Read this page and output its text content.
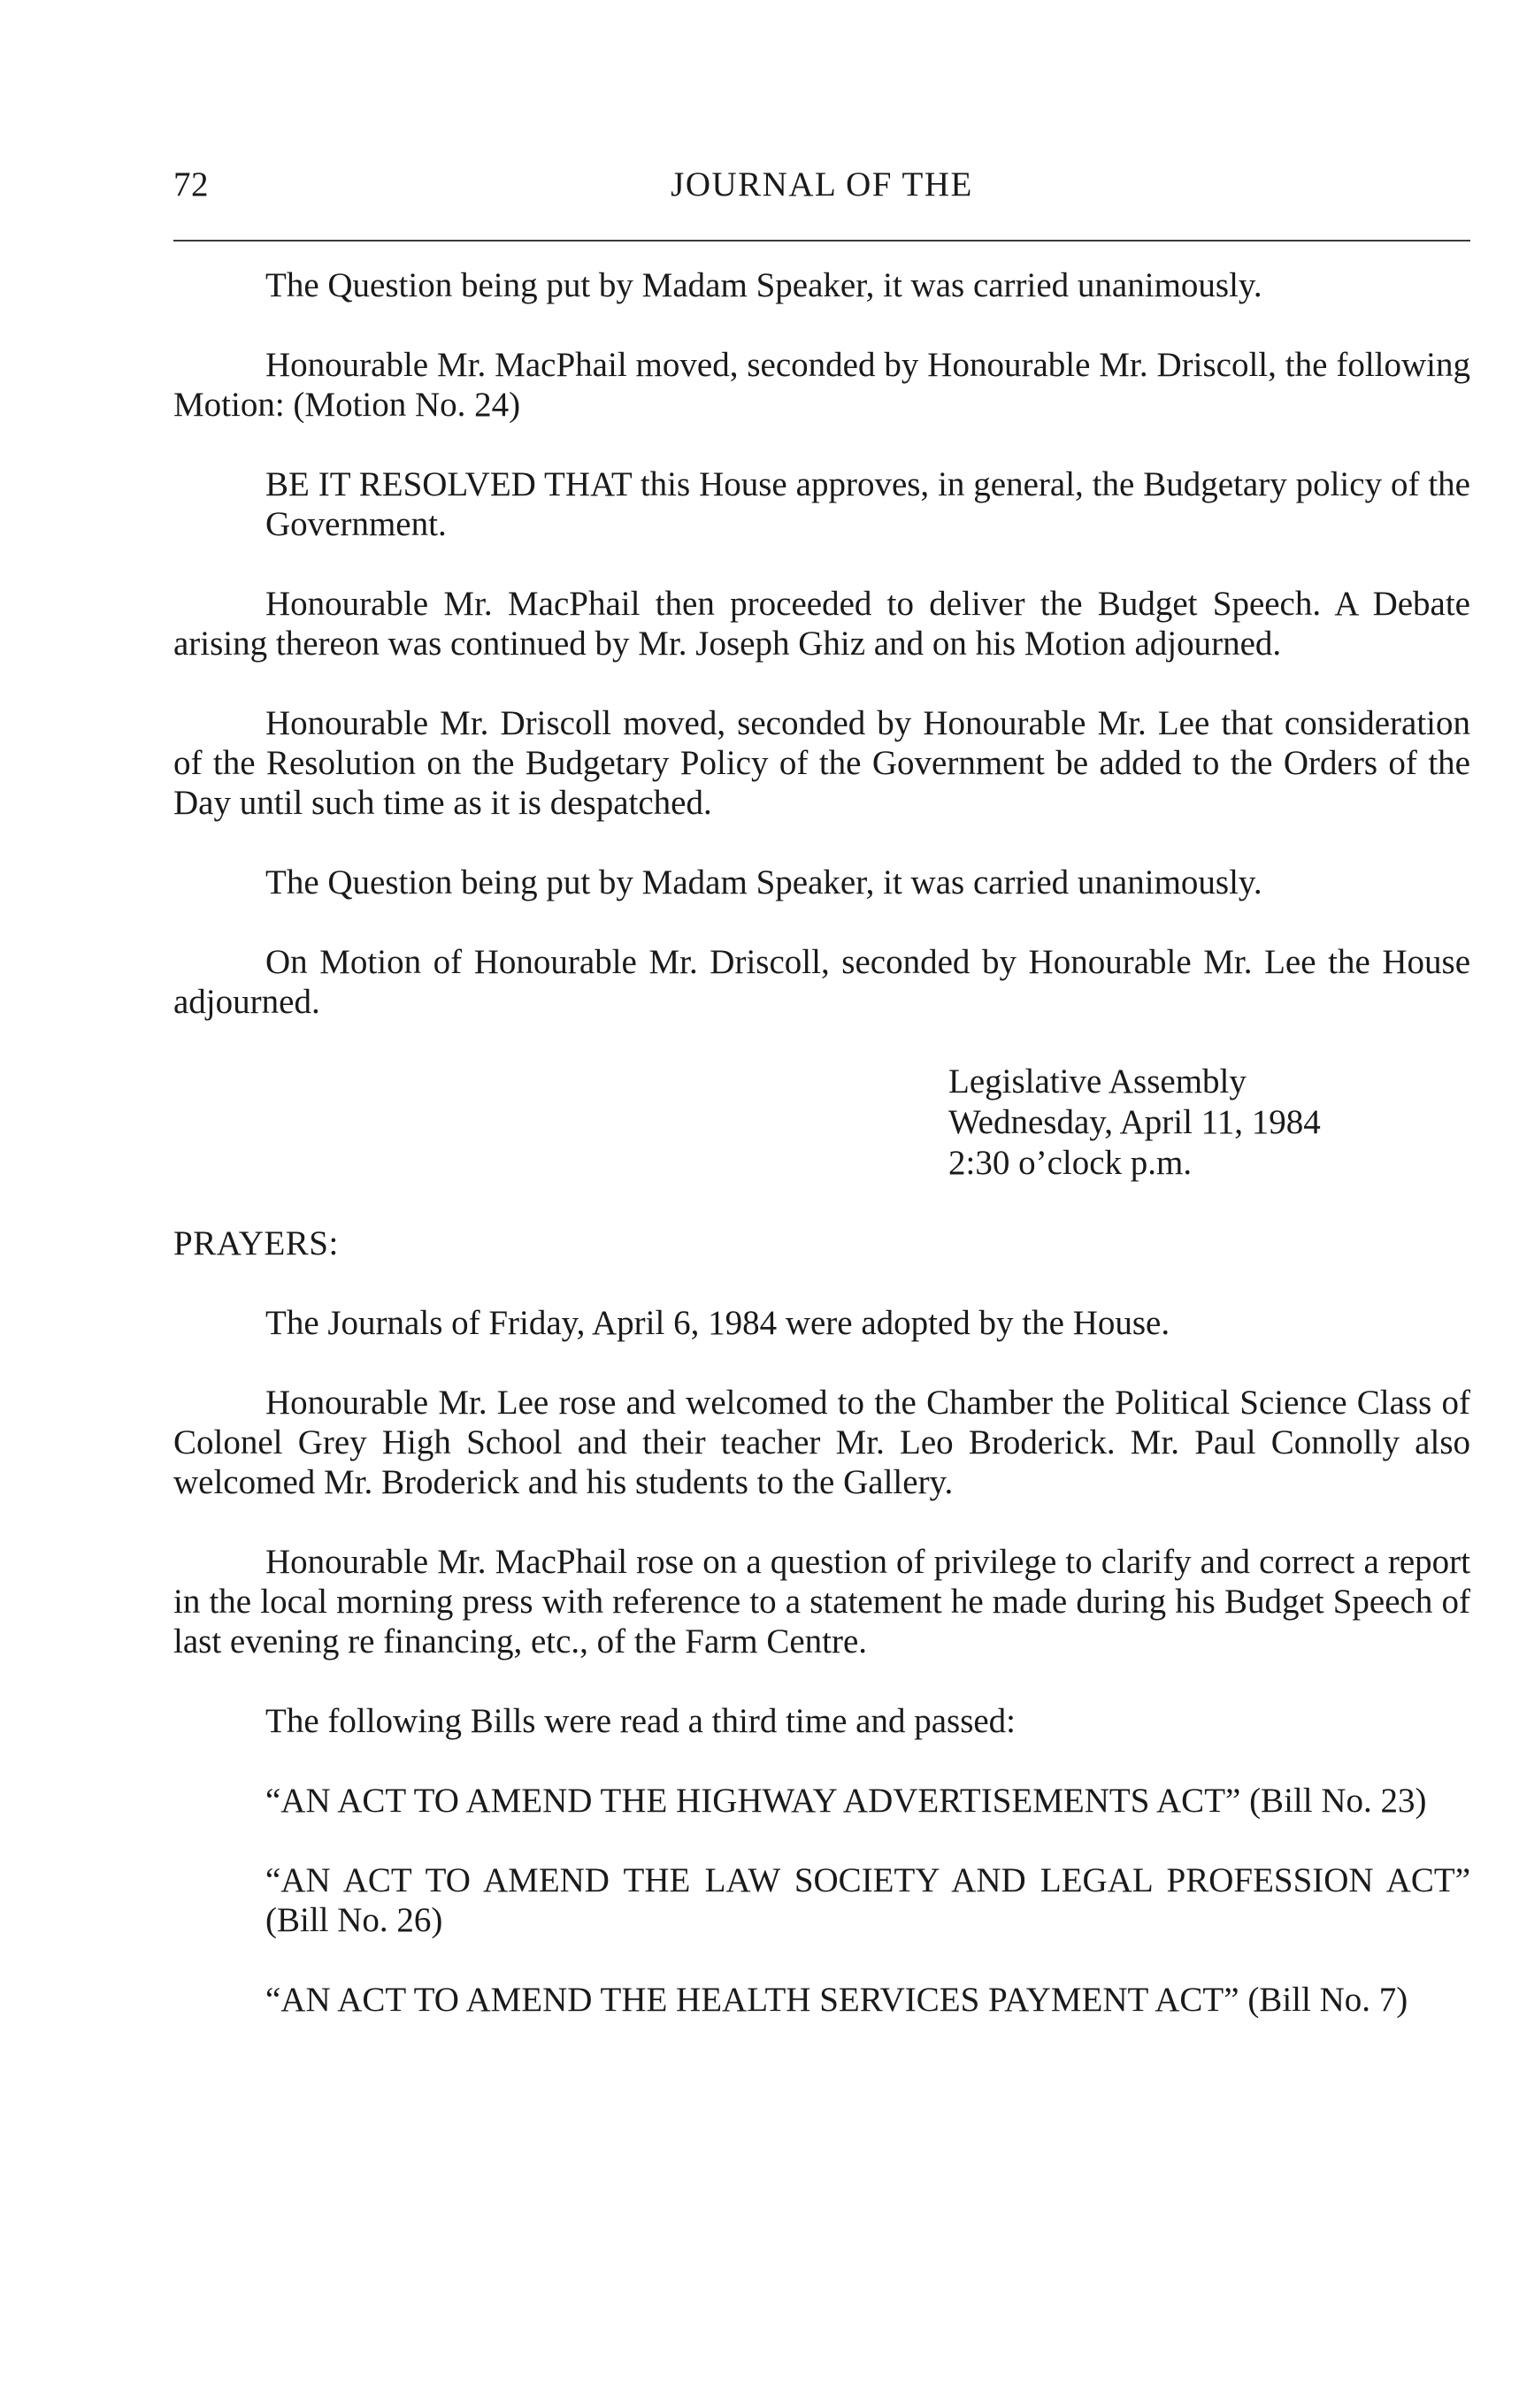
72	JOURNAL OF THE

The Question being put by Madam Speaker, it was carried unanimously.

Honourable Mr. MacPhail moved, seconded by Honourable Mr. Driscoll, the following Motion: (Motion No. 24)

BE IT RESOLVED THAT this House approves, in general, the Budgetary policy of the Government.

Honourable Mr. MacPhail then proceeded to deliver the Budget Speech. A Debate arising thereon was continued by Mr. Joseph Ghiz and on his Motion adjourned.

Honourable Mr. Driscoll moved, seconded by Honourable Mr. Lee that consideration of the Resolution on the Budgetary Policy of the Government be added to the Orders of the Day until such time as it is despatched.

The Question being put by Madam Speaker, it was carried unanimously.

On Motion of Honourable Mr. Driscoll, seconded by Honourable Mr. Lee the House adjourned.

Legislative Assembly
Wednesday, April 11, 1984
2:30 o’clock p.m.
PRAYERS:

The Journals of Friday, April 6, 1984 were adopted by the House.

Honourable Mr. Lee rose and welcomed to the Chamber the Political Science Class of Colonel Grey High School and their teacher Mr. Leo Broderick. Mr. Paul Connolly also welcomed Mr. Broderick and his students to the Gallery.

Honourable Mr. MacPhail rose on a question of privilege to clarify and correct a report in the local morning press with reference to a statement he made during his Budget Speech of last evening re financing, etc., of the Farm Centre.

The following Bills were read a third time and passed:

“AN ACT TO AMEND THE HIGHWAY ADVERTISEMENTS ACT” (Bill No. 23)

“AN ACT TO AMEND THE LAW SOCIETY AND LEGAL PROFESSION ACT” (Bill No. 26)

“AN ACT TO AMEND THE HEALTH SERVICES PAYMENT ACT” (Bill No. 7)
